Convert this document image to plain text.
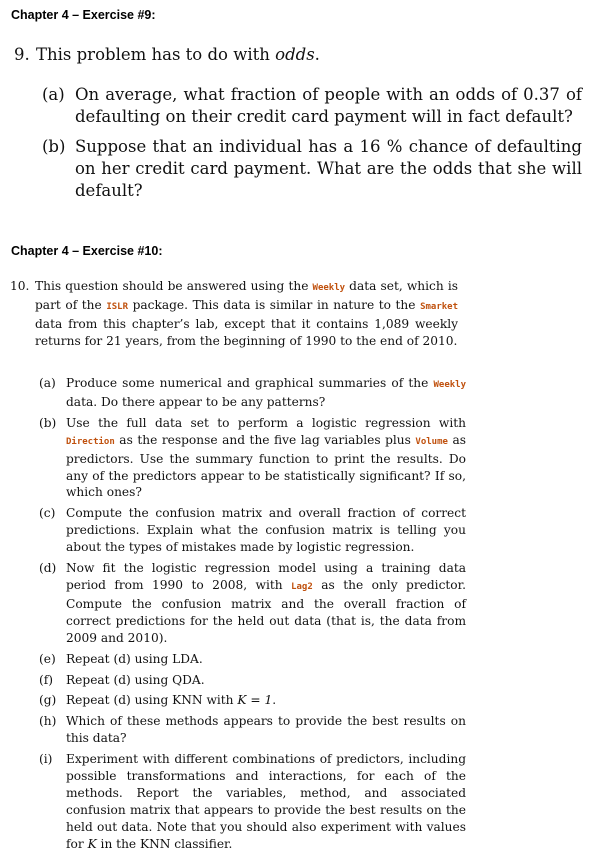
Chapter 4 – Exercise #9:
9. This problem has to do with odds.
(a) On average, what fraction of people with an odds of 0.37 of defaulting on their credit card payment will in fact default?
(b) Suppose that an individual has a 16 % chance of defaulting on her credit card payment. What are the odds that she will default?
Chapter 4 – Exercise #10:
10. This question should be answered using the Weekly data set, which is part of the ISLR package. This data is similar in nature to the Smarket data from this chapter’s lab, except that it contains 1,089 weekly returns for 21 years, from the beginning of 1990 to the end of 2010.
(a) Produce some numerical and graphical summaries of the Weekly data. Do there appear to be any patterns?
(b) Use the full data set to perform a logistic regression with Direction as the response and the five lag variables plus Volume as predictors. Use the summary function to print the results. Do any of the predictors appear to be statistically significant? If so, which ones?
(c) Compute the confusion matrix and overall fraction of correct predictions. Explain what the confusion matrix is telling you about the types of mistakes made by logistic regression.
(d) Now fit the logistic regression model using a training data period from 1990 to 2008, with Lag2 as the only predictor. Compute the confusion matrix and the overall fraction of correct predictions for the held out data (that is, the data from 2009 and 2010).
(e) Repeat (d) using LDA.
(f) Repeat (d) using QDA.
(g) Repeat (d) using KNN with K = 1.
(h) Which of these methods appears to provide the best results on this data?
(i) Experiment with different combinations of predictors, including possible transformations and interactions, for each of the methods. Report the variables, method, and associated confusion matrix that appears to provide the best results on the held out data. Note that you should also experiment with values for K in the KNN classifier.
